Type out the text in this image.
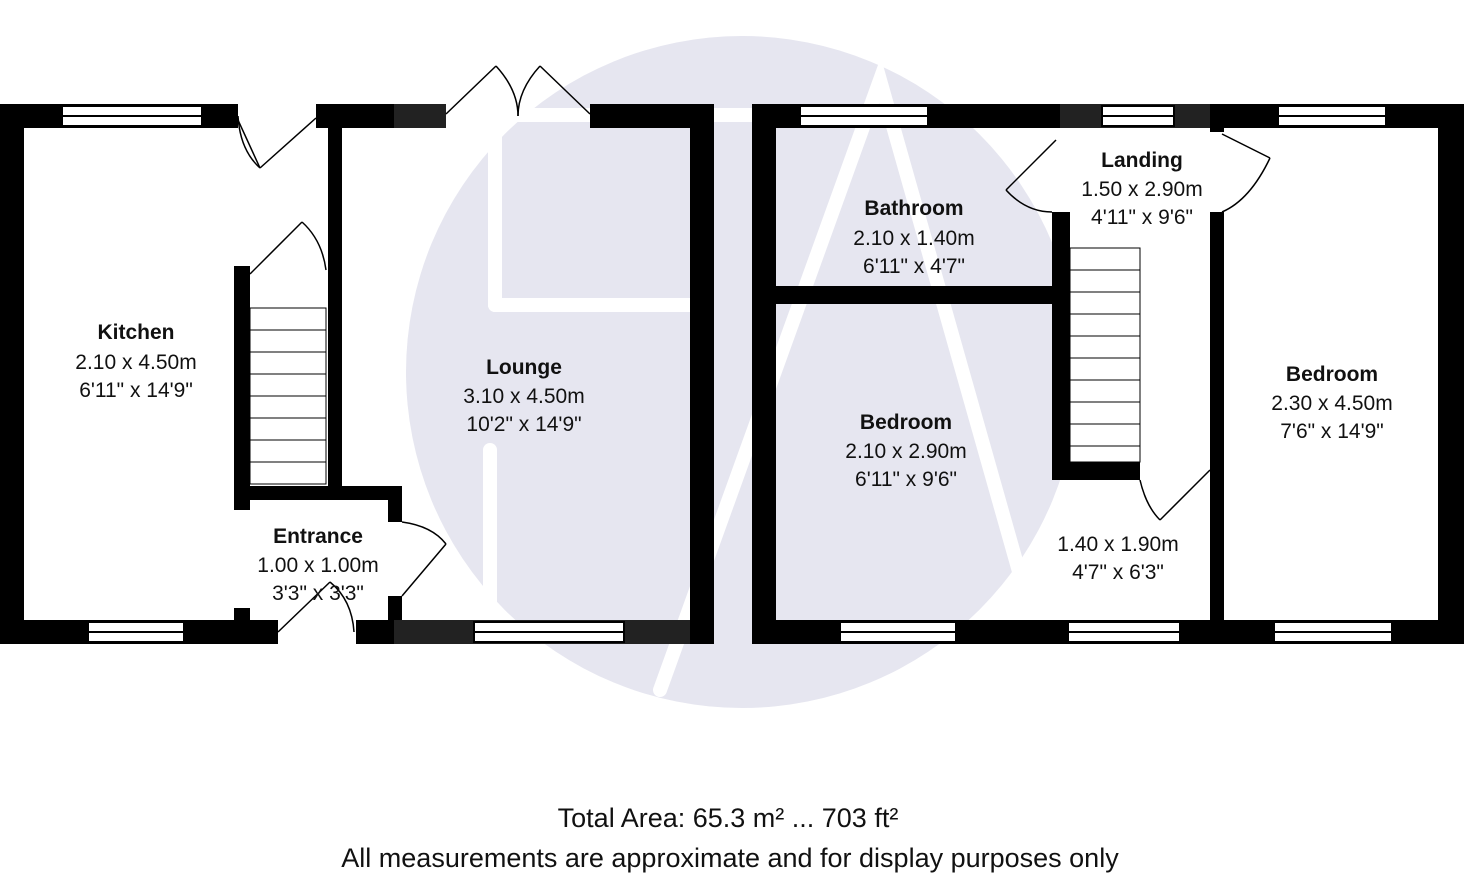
Kitchen
2.10 x 4.50m
6'11" x 14'9"
Lounge
3.10 x 4.50m
10'2" x 14'9"
Entrance
1.00 x 1.00m
3'3" x 3'3"
Bathroom
2.10 x 1.40m
6'11" x 4'7"
Bedroom
2.10 x 2.90m
6'11" x 9'6"
Landing
1.50 x 2.90m
4'11" x 9'6"
1.40 x 1.90m
4'7" x 6'3"
Bedroom
2.30 x 4.50m
7'6" x 14'9"
Total Area: 65.3 m² ... 703 ft²
All measurements are approximate and for display purposes only
